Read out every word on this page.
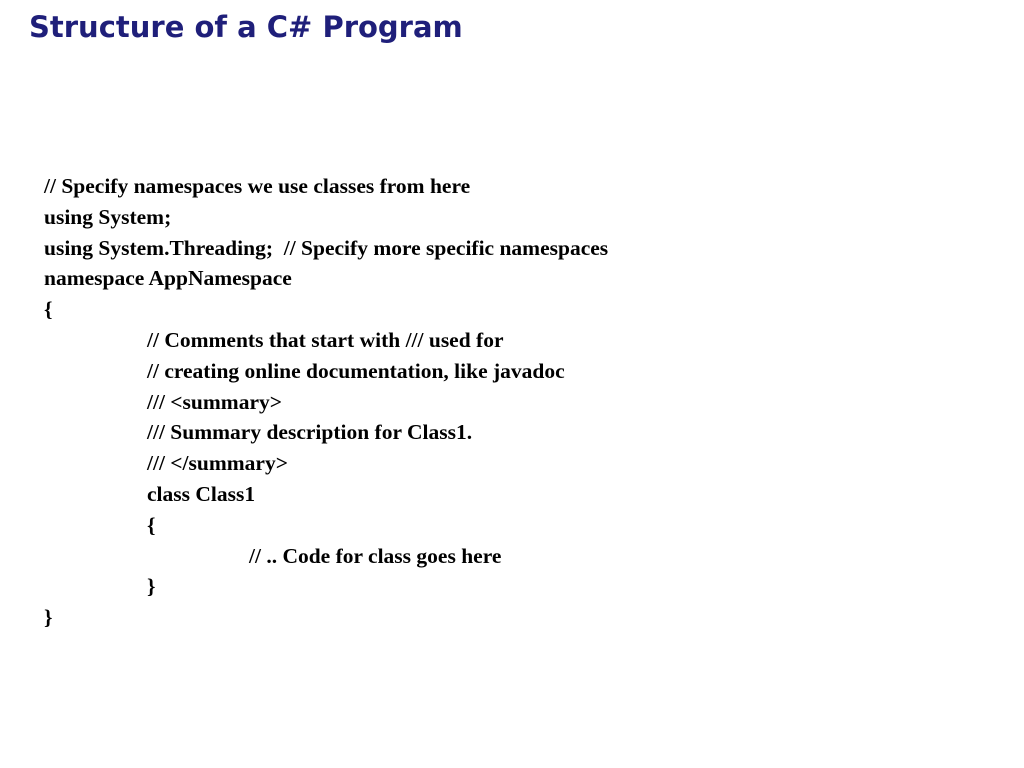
Structure of a C# Program
// Specify namespaces we use classes from here
using System;
using System.Threading;  // Specify more specific namespaces
namespace AppNamespace
{
// Comments that start with /// used for
// creating online documentation, like javadoc
/// <summary>
/// Summary description for Class1.
/// </summary>
class Class1
{
// .. Code for class goes here
}
}
